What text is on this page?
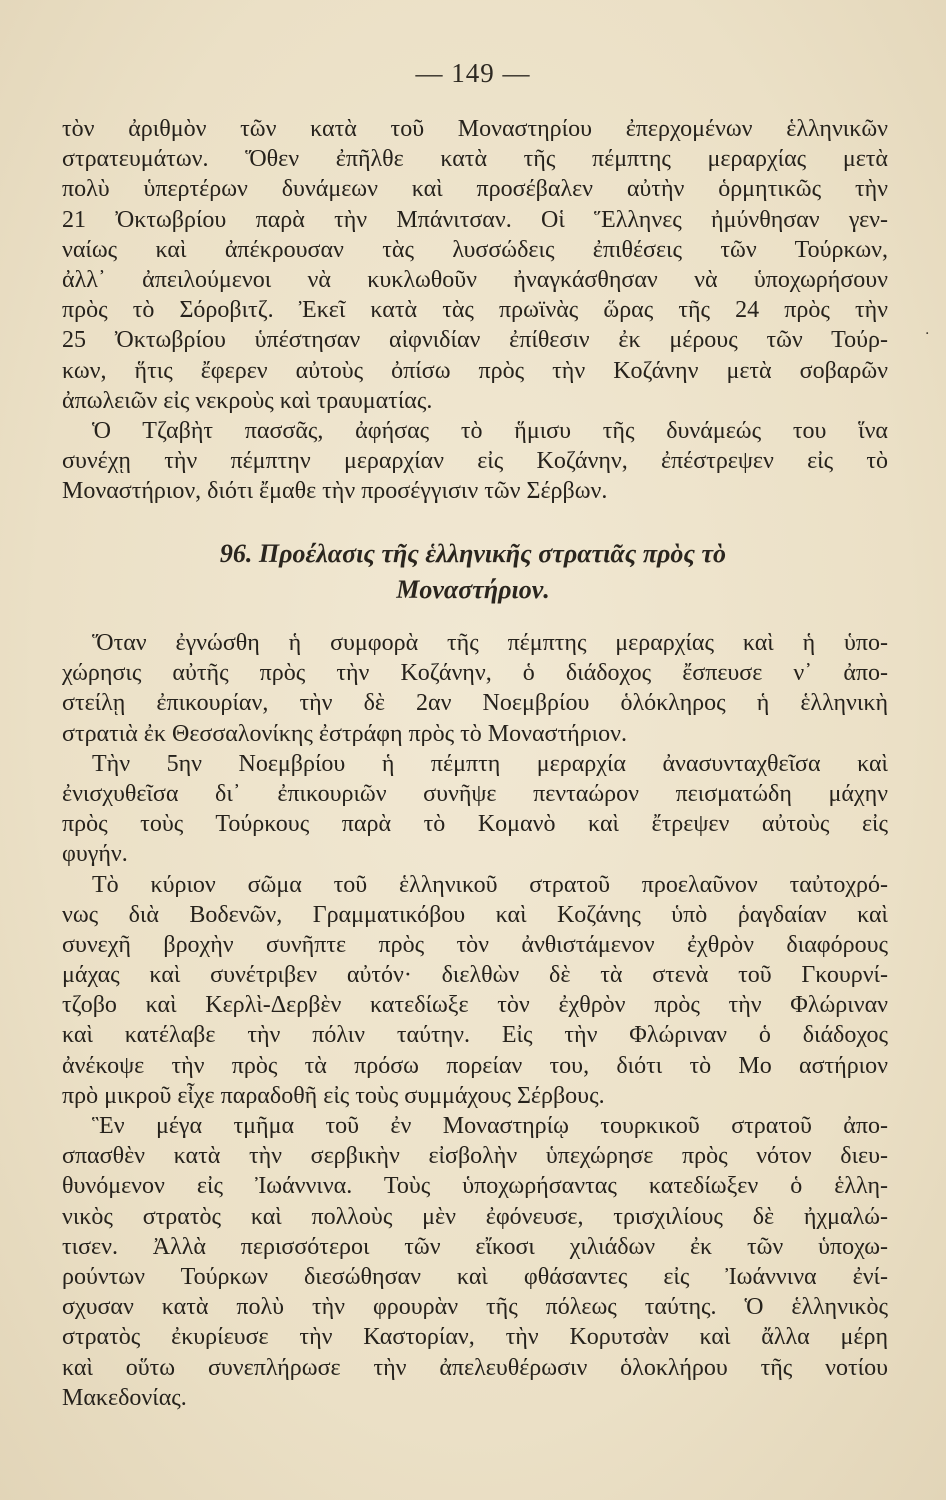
— 149 —
·
τὸν ἀριθμὸν τῶν κατὰ τοῦ Μοναστηρίου ἐπερχομένων ἑλληνικῶν
στρατευμάτων. Ὅθεν ἐπῆλθε κατὰ τῆς πέμπτης μεραρχίας μετὰ
πολὺ ὑπερτέρων δυνάμεων καὶ προσέβαλεν αὐτὴν ὁρμητικῶς τὴν
21 Ὀκτωβρίου παρὰ τὴν Μπάνιτσαν. Οἱ Ἕλληνες ἠμύνθησαν γεν-
ναίως καὶ ἀπέκρουσαν τὰς λυσσώδεις ἐπιθέσεις τῶν Τούρκων,
ἀλλ᾽ ἀπειλούμενοι νὰ κυκλωθοῦν ἠναγκάσθησαν νὰ ὑποχωρήσουν
πρὸς τὸ Σόροβιτζ. Ἐκεῖ κατὰ τὰς πρωϊνὰς ὥρας τῆς 24 πρὸς τὴν
25 Ὀκτωβρίου ὑπέστησαν αἰφνιδίαν ἐπίθεσιν ἐκ μέρους τῶν Τούρ-
κων, ἥτις ἔφερεν αὐτοὺς ὀπίσω πρὸς τὴν Κοζάνην μετὰ σοβαρῶν
ἀπωλειῶν εἰς νεκροὺς καὶ τραυματίας.
Ὁ Τζαβὴτ πασσᾶς, ἀφήσας τὸ ἥμισυ τῆς δυνάμεώς του ἵνα
συνέχῃ τὴν πέμπτην μεραρχίαν εἰς Κοζάνην, ἐπέστρεψεν εἰς τὸ
Μοναστήριον, διότι ἔμαθε τὴν προσέγγισιν τῶν Σέρβων.
96. Προέλασις τῆς ἑλληνικῆς στρατιᾶς πρὸς τὸ
Μοναστήριον.
Ὅταν ἐγνώσθη ἡ συμφορὰ τῆς πέμπτης μεραρχίας καὶ ἡ ὑπο-
χώρησις αὐτῆς πρὸς τὴν Κοζάνην, ὁ διάδοχος ἔσπευσε ν᾽ ἀπο-
στείλῃ ἐπικουρίαν, τὴν δὲ 2αν Νοεμβρίου ὁλόκληρος ἡ ἑλληνικὴ
στρατιὰ ἐκ Θεσσαλονίκης ἐστράφη πρὸς τὸ Μοναστήριον.
Τὴν 5ην Νοεμβρίου ἡ πέμπτη μεραρχία ἀνασυνταχθεῖσα καὶ
ἐνισχυθεῖσα δι᾽ ἐπικουριῶν συνῆψε πενταώρον πεισματώδη μάχην
πρὸς τοὺς Τούρκους παρὰ τὸ Κομανὸ καὶ ἔτρεψεν αὐτοὺς εἰς
φυγήν.
Τὸ κύριον σῶμα τοῦ ἑλληνικοῦ στρατοῦ προελαῦνον ταὐτοχρό-
νως διὰ Βοδενῶν, Γραμματικόβου καὶ Κοζάνης ὑπὸ ῥαγδαίαν καὶ
συνεχῆ βροχὴν συνῆπτε πρὸς τὸν ἀνθιστάμενον ἐχθρὸν διαφόρους
μάχας καὶ συνέτριβεν αὐτόν· διελθὼν δὲ τὰ στενὰ τοῦ Γκουρνί-
τζοβο καὶ Κερλὶ-Δερβὲν κατεδίωξε τὸν ἐχθρὸν πρὸς τὴν Φλώριναν
καὶ κατέλαβε τὴν πόλιν ταύτην. Εἰς τὴν Φλώριναν ὁ διάδοχος
ἀνέκοψε τὴν πρὸς τὰ πρόσω πορείαν του, διότι τὸ Μο αστήριον
πρὸ μικροῦ εἶχε παραδοθῆ εἰς τοὺς συμμάχους Σέρβους.
Ἓν μέγα τμῆμα τοῦ ἐν Μοναστηρίῳ τουρκικοῦ στρατοῦ ἀπο-
σπασθὲν κατὰ τὴν σερβικὴν εἰσβολὴν ὑπεχώρησε πρὸς νότον διευ-
θυνόμενον εἰς Ἰωάννινα. Τοὺς ὑποχωρήσαντας κατεδίωξεν ὁ ἑλλη-
νικὸς στρατὸς καὶ πολλοὺς μὲν ἐφόνευσε, τρισχιλίους δὲ ἠχμαλώ-
τισεν. Ἀλλὰ περισσότεροι τῶν εἴκοσι χιλιάδων ἐκ τῶν ὑποχω-
ρούντων Τούρκων διεσώθησαν καὶ φθάσαντες εἰς Ἰωάννινα ἐνί-
σχυσαν κατὰ πολὺ τὴν φρουρὰν τῆς πόλεως ταύτης. Ὁ ἑλληνικὸς
στρατὸς ἐκυρίευσε τὴν Καστορίαν, τὴν Κορυτσὰν καὶ ἄλλα μέρη
καὶ οὕτω συνεπλήρωσε τὴν ἀπελευθέρωσιν ὁλοκλήρου τῆς νοτίου
Μακεδονίας.
